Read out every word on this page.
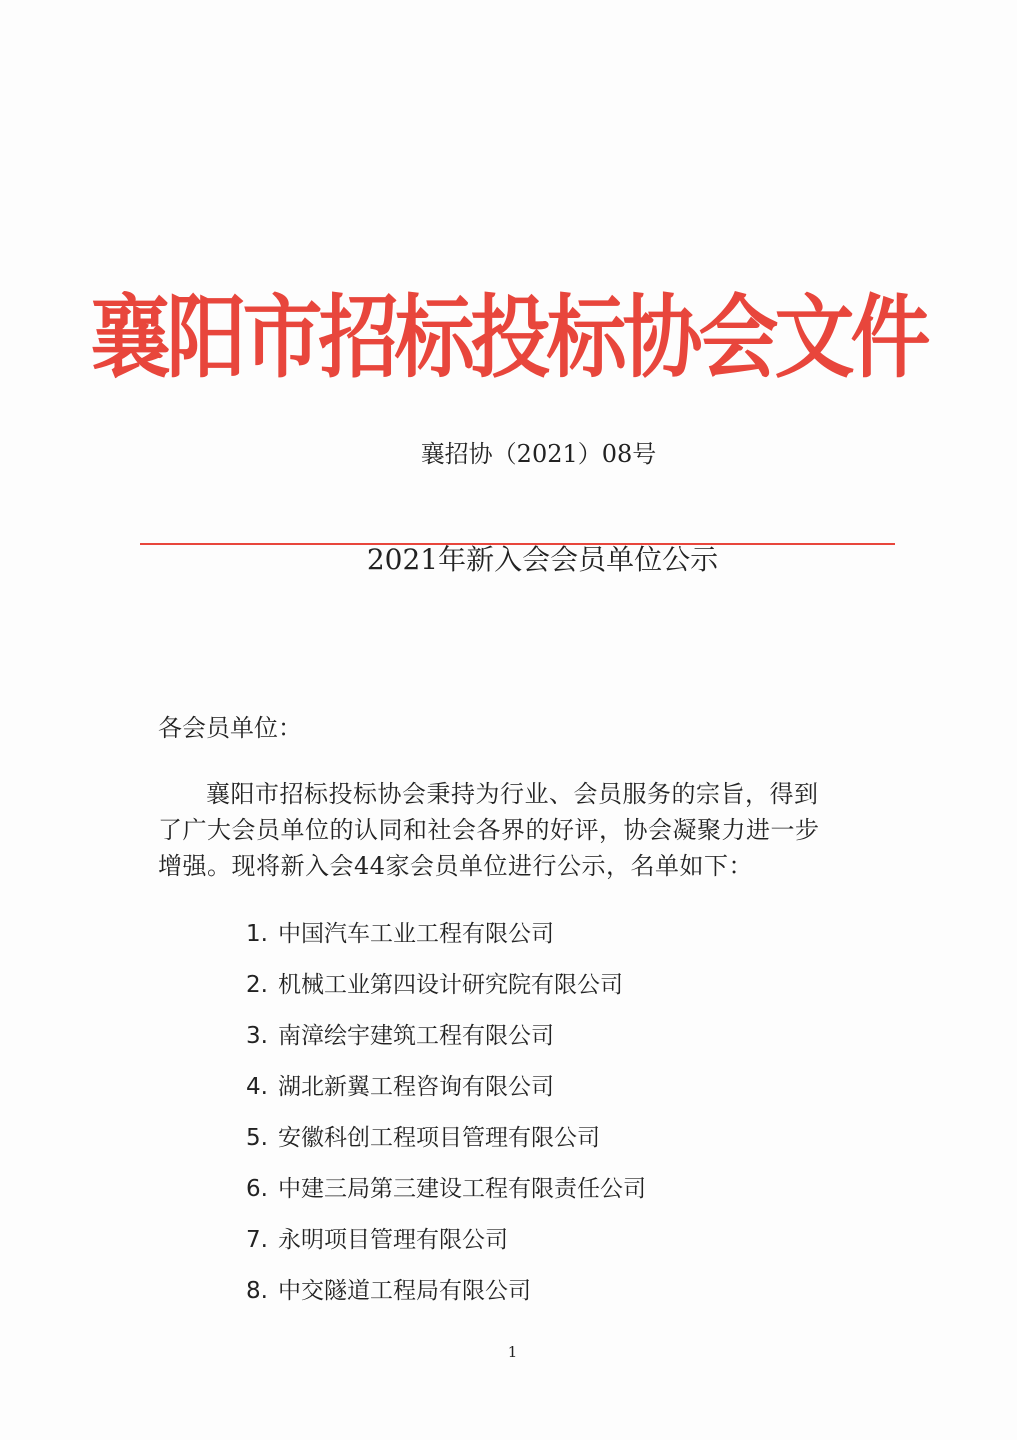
襄阳市招标投标协会文件
襄招协（2021）08号
2021年新入会会员单位公示
各会员单位：
襄阳市招标投标协会秉持为行业、会员服务的宗旨，得到
了广大会员单位的认同和社会各界的好评，协会凝聚力进一步
增强。现将新入会44家会员单位进行公示，名单如下：
1. 中国汽车工业工程有限公司
2. 机械工业第四设计研究院有限公司
3. 南漳绘宇建筑工程有限公司
4. 湖北新翼工程咨询有限公司
5. 安徽科创工程项目管理有限公司
6. 中建三局第三建设工程有限责任公司
7. 永明项目管理有限公司
8. 中交隧道工程局有限公司
1
